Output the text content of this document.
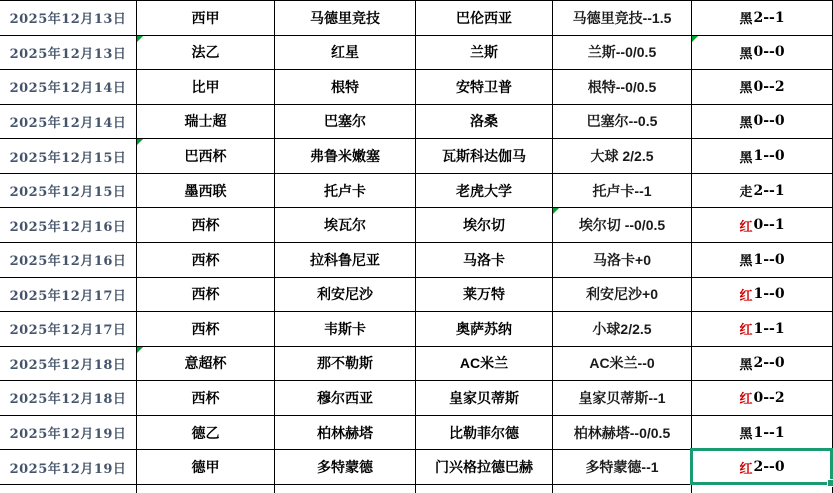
2025年12月13日	西甲	马德里竞技	巴伦西亚	马德里竞技--1.5	黑 2--1
2025年12月13日	法乙	红星	兰斯	兰斯--0/0.5	黑 0--0
2025年12月14日	比甲	根特	安特卫普	根特--0/0.5	黑 0--2
2025年12月14日	瑞士超	巴塞尔	洛桑	巴塞尔--0.5	黑 0--0
2025年12月15日	巴西杯	弗鲁米嫩塞	瓦斯科达伽马	大球 2/2.5	黑 1--0
2025年12月15日	墨西联	托卢卡	老虎大学	托卢卡--1	走 2--1
2025年12月16日	西杯	埃瓦尔	埃尔切	埃尔切 --0/0.5	红 0--1
2025年12月16日	西杯	拉科鲁尼亚	马洛卡	马洛卡+0	黑 1--0
2025年12月17日	西杯	利安尼沙	莱万特	利安尼沙+0	红 1--0
2025年12月17日	西杯	韦斯卡	奥萨苏纳	小球2/2.5	红 1--1
2025年12月18日	意超杯	那不勒斯	AC米兰	AC米兰--0	黑 2--0
2025年12月18日	西杯	穆尔西亚	皇家贝蒂斯	皇家贝蒂斯--1	红 0--2
2025年12月19日	德乙	柏林赫塔	比勒菲尔德	柏林赫塔--0/0.5	黑 1--1
2025年12月19日	德甲	多特蒙德	门兴格拉德巴赫	多特蒙德--1	红 2--0
